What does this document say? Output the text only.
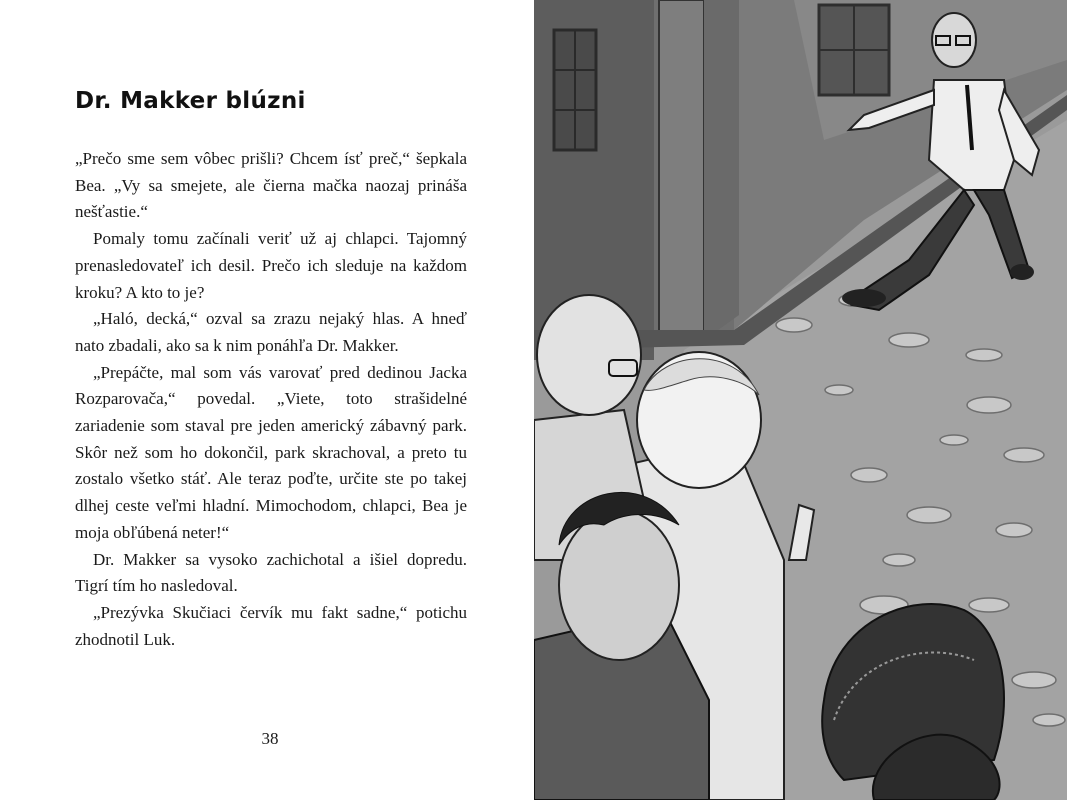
Dr. Makker blúzni

„Prečo sme sem vôbec prišli? Chcem ísť preč,“ šepkala Bea. „Vy sa smejete, ale čierna mačka naozaj prináša nešťastie.“

Pomaly tomu začínali veriť už aj chlapci. Tajomný prenasledovateľ ich desil. Prečo ich sleduje na každom kroku? A kto to je?

„Haló, decká,“ ozval sa zrazu nejaký hlas. A hneď nato zbadali, ako sa k nim ponáhľa Dr. Makker.

„Prepáčte, mal som vás varovať pred dedinou Jacka Rozparovača,“ povedal. „Viete, toto strašidelné zariadenie som staval pre jeden americký zábavný park. Skôr než som ho dokončil, park skrachoval, a preto tu zostalo všetko stáť. Ale teraz poďte, určite ste po takej dlhej ceste veľmi hladní. Mimochodom, chlapci, Bea je moja obľúbená neter!“

Dr. Makker sa vysoko zachichotal a išiel dopredu. Tigrí tím ho nasledoval.

„Prezývka Skučiaci červík mu fakt sadne,“ potichu zhodnotil Luk.

38
